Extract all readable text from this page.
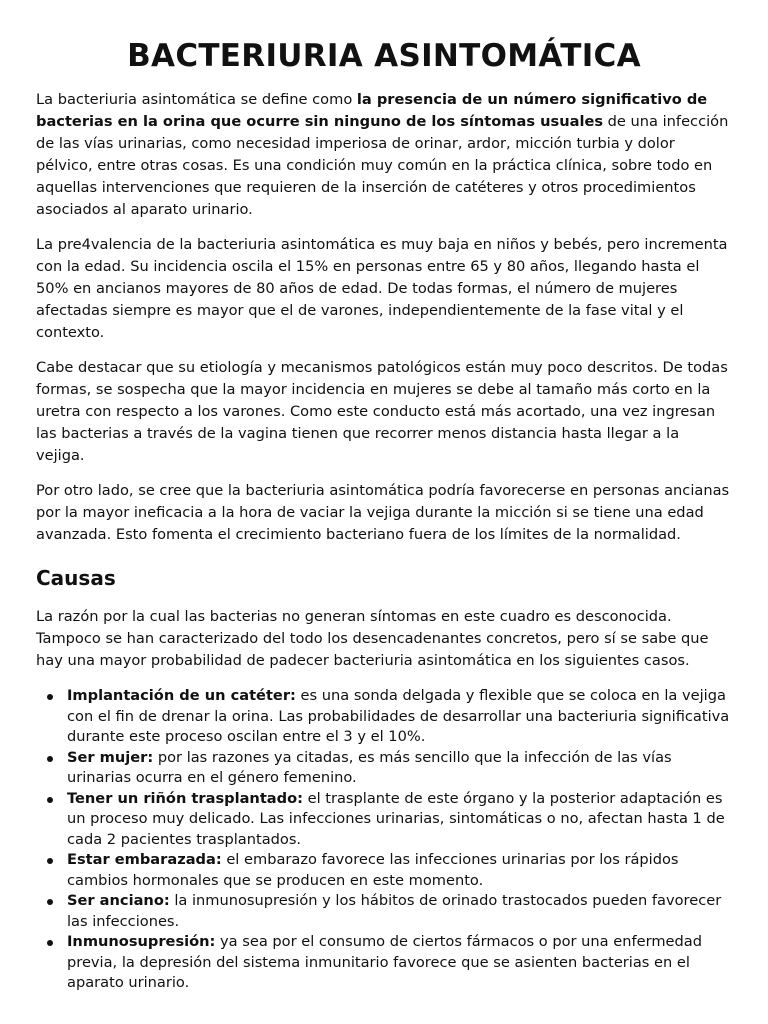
BACTERIURIA ASINTOMÁTICA

La bacteriuria asintomática se define como la presencia de un número significativo de bacterias en la orina que ocurre sin ninguno de los síntomas usuales de una infección de las vías urinarias, como necesidad imperiosa de orinar, ardor, micción turbia y dolor pélvico, entre otras cosas. Es una condición muy común en la práctica clínica, sobre todo en aquellas intervenciones que requieren de la inserción de catéteres y otros procedimientos asociados al aparato urinario.

La pre4valencia de la bacteriuria asintomática es muy baja en niños y bebés, pero incrementa con la edad. Su incidencia oscila el 15% en personas entre 65 y 80 años, llegando hasta el 50% en ancianos mayores de 80 años de edad. De todas formas, el número de mujeres afectadas siempre es mayor que el de varones, independientemente de la fase vital y el contexto.

Cabe destacar que su etiología y mecanismos patológicos están muy poco descritos. De todas formas, se sospecha que la mayor incidencia en mujeres se debe al tamaño más corto en la uretra con respecto a los varones. Como este conducto está más acortado, una vez ingresan las bacterias a través de la vagina tienen que recorrer menos distancia hasta llegar a la vejiga.

Por otro lado, se cree que la bacteriuria asintomática podría favorecerse en personas ancianas por la mayor ineficacia a la hora de vaciar la vejiga durante la micción si se tiene una edad avanzada. Esto fomenta el crecimiento bacteriano fuera de los límites de la normalidad.

Causas

La razón por la cual las bacterias no generan síntomas en este cuadro es desconocida. Tampoco se han caracterizado del todo los desencadenantes concretos, pero sí se sabe que hay una mayor probabilidad de padecer bacteriuria asintomática en los siguientes casos.

Implantación de un catéter: es una sonda delgada y flexible que se coloca en la vejiga con el fin de drenar la orina. Las probabilidades de desarrollar una bacteriuria significativa durante este proceso oscilan entre el 3 y el 10%.
Ser mujer: por las razones ya citadas, es más sencillo que la infección de las vías urinarias ocurra en el género femenino.
Tener un riñón trasplantado: el trasplante de este órgano y la posterior adaptación es un proceso muy delicado. Las infecciones urinarias, sintomáticas o no, afectan hasta 1 de cada 2 pacientes trasplantados.
Estar embarazada: el embarazo favorece las infecciones urinarias por los rápidos cambios hormonales que se producen en este momento.
Ser anciano: la inmunosupresión y los hábitos de orinado trastocados pueden favorecer las infecciones.
Inmunosupresión: ya sea por el consumo de ciertos fármacos o por una enfermedad previa, la depresión del sistema inmunitario favorece que se asienten bacterias en el aparato urinario.
